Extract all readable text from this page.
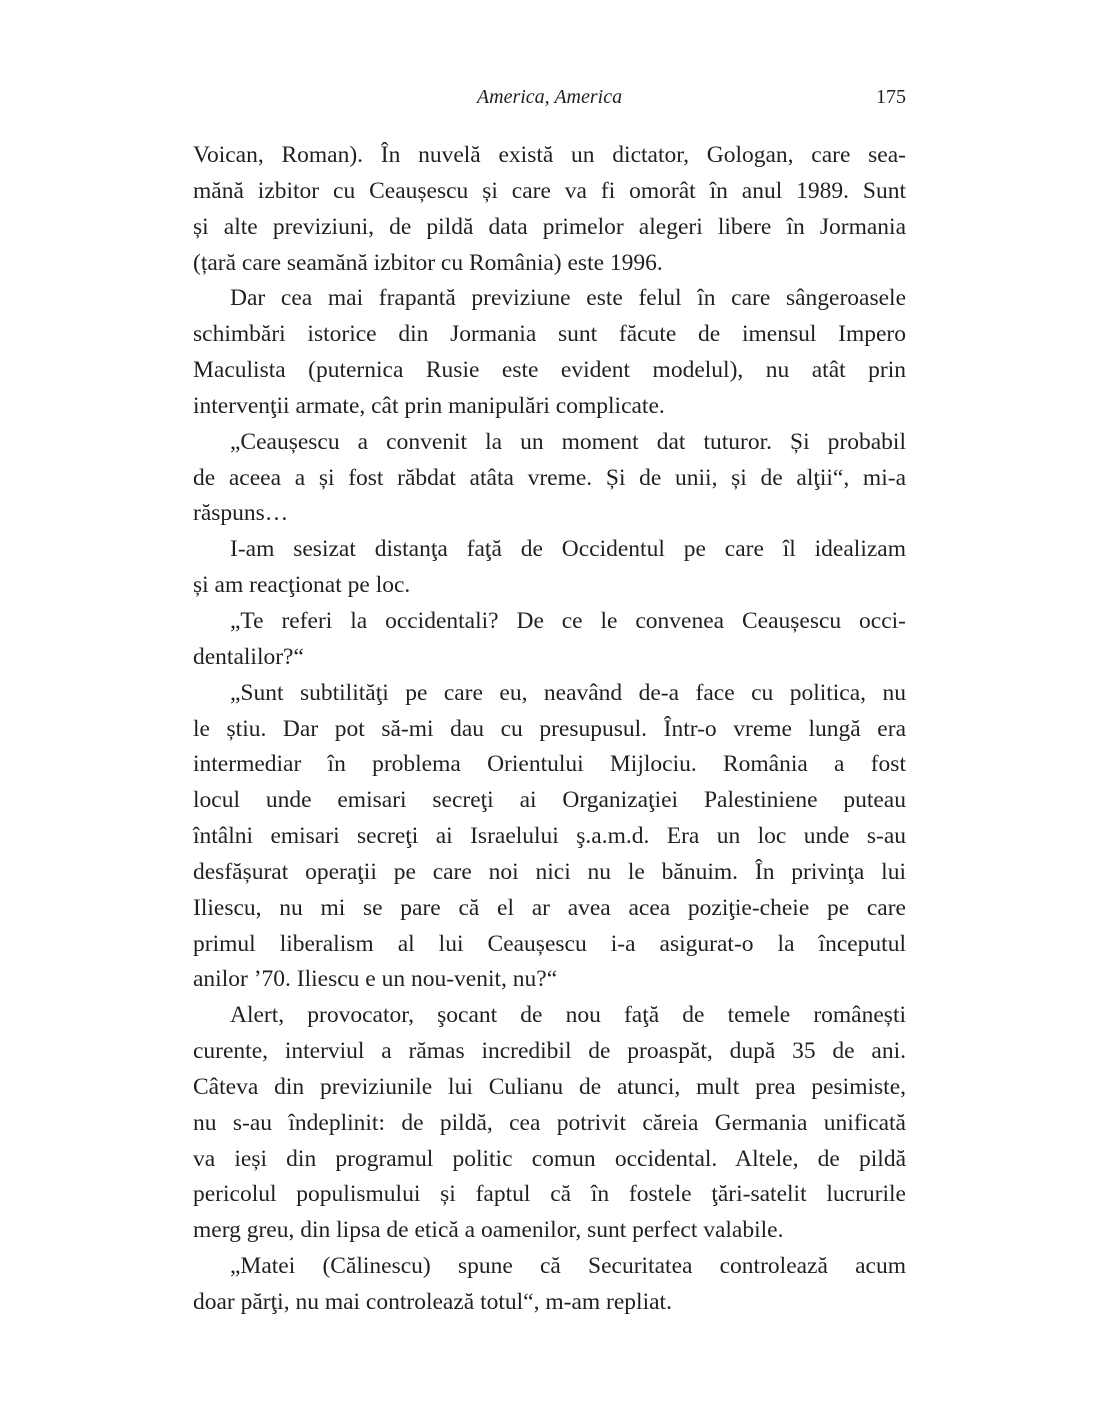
America, America	175
Voican, Roman). În nuvelă există un dictator, Gologan, care sea-
mănă izbitor cu Ceaușescu și care va fi omorât în anul 1989. Sunt
și alte previziuni, de pildă data primelor alegeri libere în Jormania
(țară care seamănă izbitor cu România) este 1996.
Dar cea mai frapantă previziune este felul în care sângeroasele
schimbări istorice din Jormania sunt făcute de imensul Impero
Maculista (puternica Rusie este evident modelul), nu atât prin
intervenţii armate, cât prin manipulări complicate.
„Ceaușescu a convenit la un moment dat tuturor. Și probabil
de aceea a și fost răbdat atâta vreme. Și de unii, și de alţii“, mi-a
răspuns…
I-am sesizat distanţa faţă de Occidentul pe care îl idealizam
și am reacţionat pe loc.
„Te referi la occidentali? De ce le convenea Ceaușescu occi-
dentalilor?“
„Sunt subtilităţi pe care eu, neavând de-a face cu politica, nu
le știu. Dar pot să-mi dau cu presupusul. Într-o vreme lungă era
intermediar în problema Orientului Mijlociu. România a fost
locul unde emisari secreţi ai Organizaţiei Palestiniene puteau
întâlni emisari secreţi ai Israelului ş.a.m.d. Era un loc unde s-au
desfășurat operaţii pe care noi nici nu le bănuim. În privinţa lui
Iliescu, nu mi se pare că el ar avea acea poziţie-cheie pe care
primul liberalism al lui Ceaușescu i-a asigurat-o la începutul
anilor ’70. Iliescu e un nou-venit, nu?“
Alert, provocator, şocant de nou faţă de temele românești
curente, interviul a rămas incredibil de proaspăt, după 35 de ani.
Câteva din previziunile lui Culianu de atunci, mult prea pesimiste,
nu s-au îndeplinit: de pildă, cea potrivit căreia Germania unificată
va ieși din programul politic comun occidental. Altele, de pildă
pericolul populismului și faptul că în fostele ţări-satelit lucrurile
merg greu, din lipsa de etică a oamenilor, sunt perfect valabile.
„Matei (Călinescu) spune că Securitatea controlează acum
doar părţi, nu mai controlează totul“, m-am repliat.
